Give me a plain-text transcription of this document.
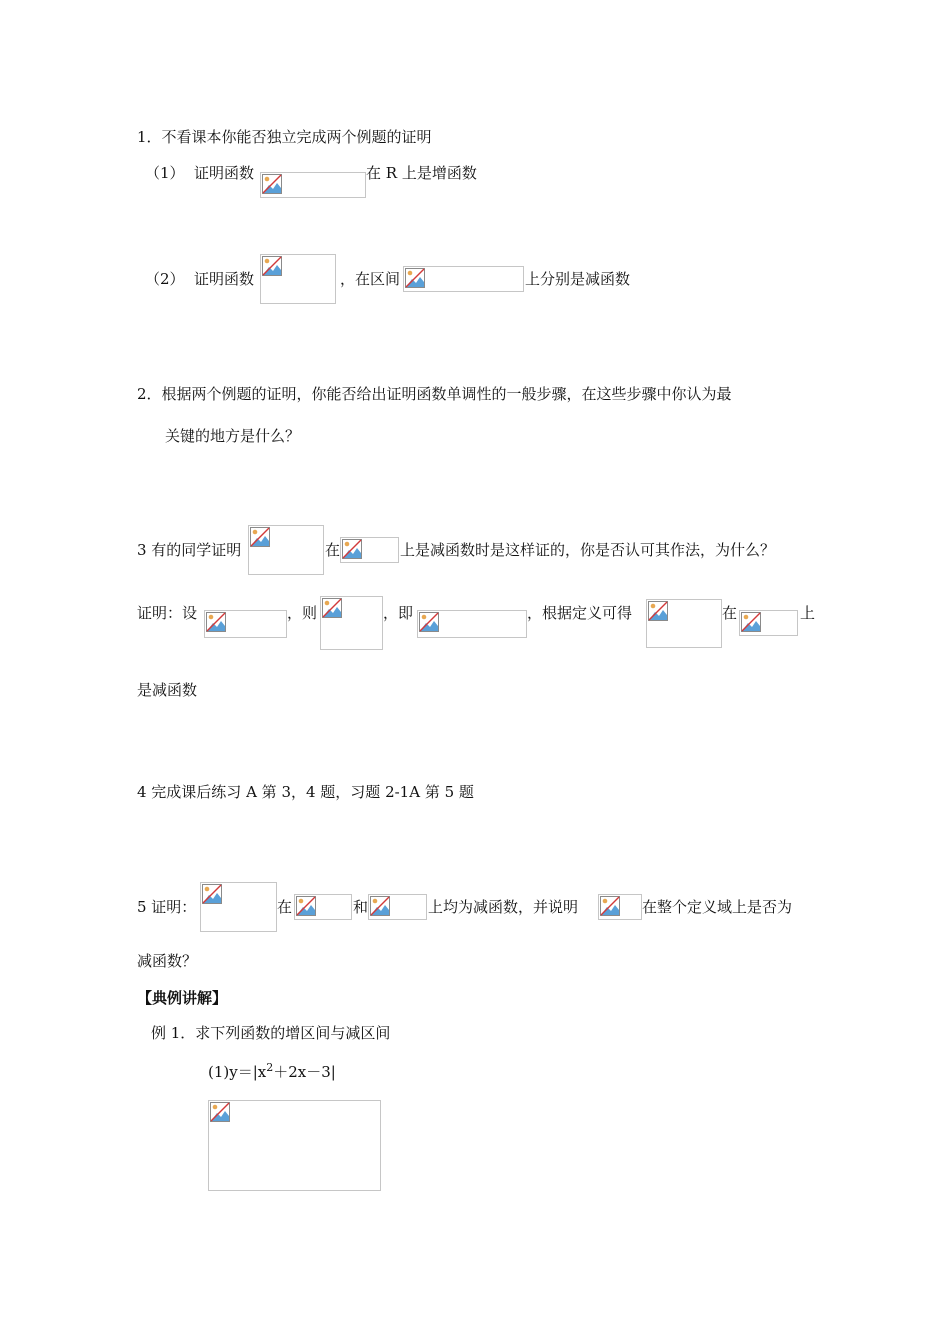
1．不看课本你能否独立完成两个例题的证明
（1） 证明函数	在 R 上是增函数
（2） 证明函数	，在区间	上分别是减函数
2．根据两个例题的证明，你能否给出证明函数单调性的一般步骤，在这些步骤中你认为最
关键的地方是什么？
3 有的同学证明	在	上是减函数时是这样证的，你是否认可其作法，为什么？
证明：设	，则	，即	，根据定义可得	在	上
是减函数
4 完成课后练习 A 第 3，4 题，习题 2-1A 第 5 题
5 证明：	在	和	上均为减函数，并说明	在整个定义域上是否为
减函数？
【典例讲解】
例 1．求下列函数的增区间与减区间
$(1)y=|x^2+2x-3|$
